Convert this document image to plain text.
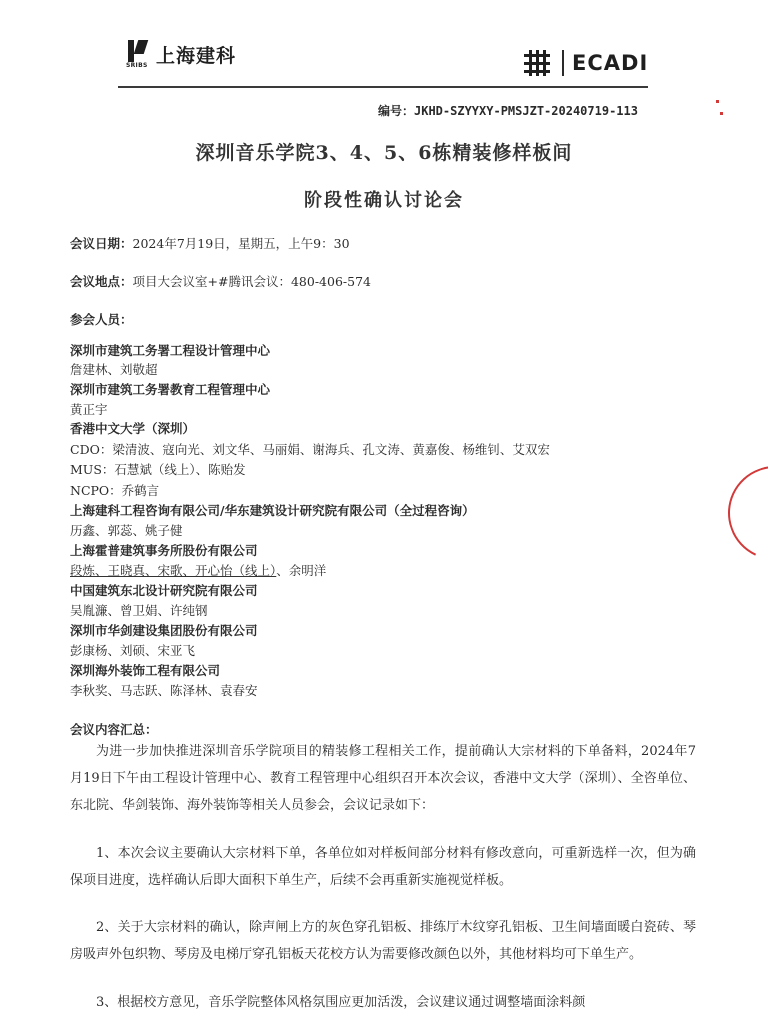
SRIBS 上海建科	ECADI
编号：JKHD-SZYYXY-PMSJZT-20240719-113
深圳音乐学院3、4、5、6栋精装修样板间
阶段性确认讨论会
会议日期：2024年7月19日，星期五，上午9：30
会议地点：项目大会议室+#腾讯会议：480-406-574
参会人员：
深圳市建筑工务署工程设计管理中心
詹建林、刘敬超
深圳市建筑工务署教育工程管理中心
黄正宇
香港中文大学（深圳）
CDO：梁清波、寇向光、刘文华、马丽娟、谢海兵、孔文涛、黄嘉俊、杨维钊、艾双宏
MUS：石慧斌（线上）、陈贻发
NCPO：乔鹤言
上海建科工程咨询有限公司/华东建筑设计研究院有限公司（全过程咨询）
历鑫、郭蕊、姚子健
上海霍普建筑事务所股份有限公司
段炼、王晓真、宋歌、开心怡（线上）、余明洋
中国建筑东北设计研究院有限公司
吴胤濂、曾卫娟、许纯钢
深圳市华剑建设集团股份有限公司
彭康杨、刘硕、宋亚飞
深圳海外装饰工程有限公司
李秋奖、马志跃、陈泽林、袁春安
会议内容汇总：
为进一步加快推进深圳音乐学院项目的精装修工程相关工作，提前确认大宗材料的下单备料，2024年7月19日下午由工程设计管理中心、教育工程管理中心组织召开本次会议，香港中文大学（深圳）、全咨单位、东北院、华剑装饰、海外装饰等相关人员参会，会议记录如下：
1、本次会议主要确认大宗材料下单，各单位如对样板间部分材料有修改意向，可重新选样一次，但为确保项目进度，选样确认后即大面积下单生产，后续不会再重新实施视觉样板。
2、关于大宗材料的确认，除声闸上方的灰色穿孔铝板、排练厅木纹穿孔铝板、卫生间墙面暖白瓷砖、琴房吸声外包织物、琴房及电梯厅穿孔铝板天花校方认为需要修改颜色以外，其他材料均可下单生产。
3、根据校方意见，音乐学院整体风格氛围应更加活泼，会议建议通过调整墙面涂料颜
